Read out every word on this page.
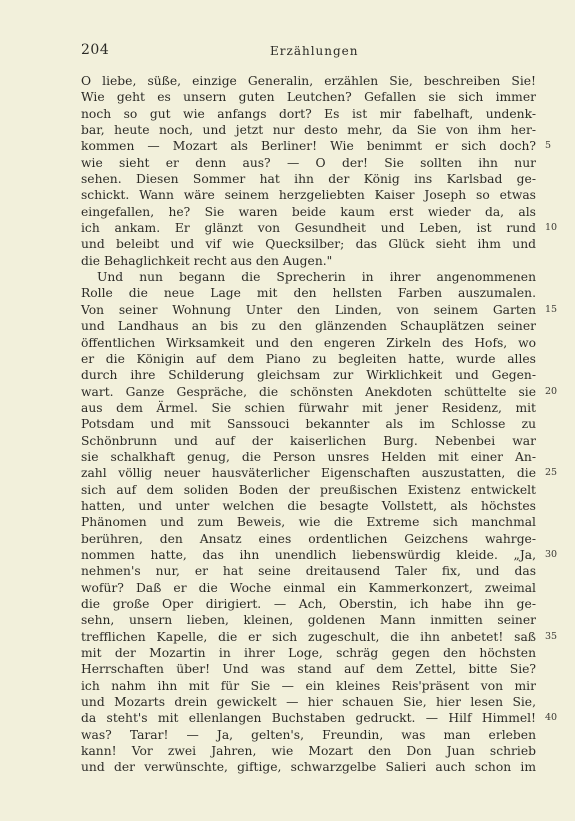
204	Erzählungen
O liebe, süße, einzige Generalin, erzählen Sie, beschreiben Sie!
Wie geht es unsern guten Leutchen? Gefallen sie sich immer
noch so gut wie anfangs dort? Es ist mir fabelhaft, undenk-
bar, heute noch, und jetzt nur desto mehr, da Sie von ihm her-
kommen — Mozart als Berliner! Wie benimmt er sich doch? 5
wie sieht er denn aus? — O der! Sie sollten ihn nur
sehen. Diesen Sommer hat ihn der König ins Karlsbad ge-
schickt. Wann wäre seinem herzgeliebten Kaiser Joseph so etwas
eingefallen, he? Sie waren beide kaum erst wieder da, als
ich ankam. Er glänzt von Gesundheit und Leben, ist rund 10
und beleibt und vif wie Quecksilber; das Glück sieht ihm und
die Behaglichkeit recht aus den Augen."
Und nun begann die Sprecherin in ihrer angenommenen
Rolle die neue Lage mit den hellsten Farben auszumalen.
Von seiner Wohnung Unter den Linden, von seinem Garten 15
und Landhaus an bis zu den glänzenden Schauplätzen seiner
öffentlichen Wirksamkeit und den engeren Zirkeln des Hofs, wo
er die Königin auf dem Piano zu begleiten hatte, wurde alles
durch ihre Schilderung gleichsam zur Wirklichkeit und Gegen-
wart. Ganze Gespräche, die schönsten Anekdoten schüttelte sie 20
aus dem Ärmel. Sie schien fürwahr mit jener Residenz, mit
Potsdam und mit Sanssouci bekannter als im Schlosse zu
Schönbrunn und auf der kaiserlichen Burg. Nebenbei war
sie schalkhaft genug, die Person unsres Helden mit einer An-
zahl völlig neuer hausväterlicher Eigenschaften auszustatten, die 25
sich auf dem soliden Boden der preußischen Existenz entwickelt
hatten, und unter welchen die besagte Vollstett, als höchstes
Phänomen und zum Beweis, wie die Extreme sich manchmal
berühren, den Ansatz eines ordentlichen Geizchens wahrge-
nommen hatte, das ihn unendlich liebenswürdig kleide. „Ja, 30
nehmen's nur, er hat seine dreitausend Taler fix, und das
wofür? Daß er die Woche einmal ein Kammerkonzert, zweimal
die große Oper dirigiert. — Ach, Oberstin, ich habe ihn ge-
sehn, unsern lieben, kleinen, goldenen Mann inmitten seiner
trefflichen Kapelle, die er sich zugeschult, die ihn anbetet! saß 35
mit der Mozartin in ihrer Loge, schräg gegen den höchsten
Herrschaften über! Und was stand auf dem Zettel, bitte Sie?
ich nahm ihn mit für Sie — ein kleines Reis'präsent von mir
und Mozarts drein gewickelt — hier schauen Sie, hier lesen Sie,
da steht's mit ellenlangen Buchstaben gedruckt. — Hilf Himmel! 40
was? Tarar! — Ja, gelten's, Freundin, was man erleben
kann! Vor zwei Jahren, wie Mozart den Don Juan schrieb
und der verwünschte, giftige, schwarzgelbe Salieri auch schon im
